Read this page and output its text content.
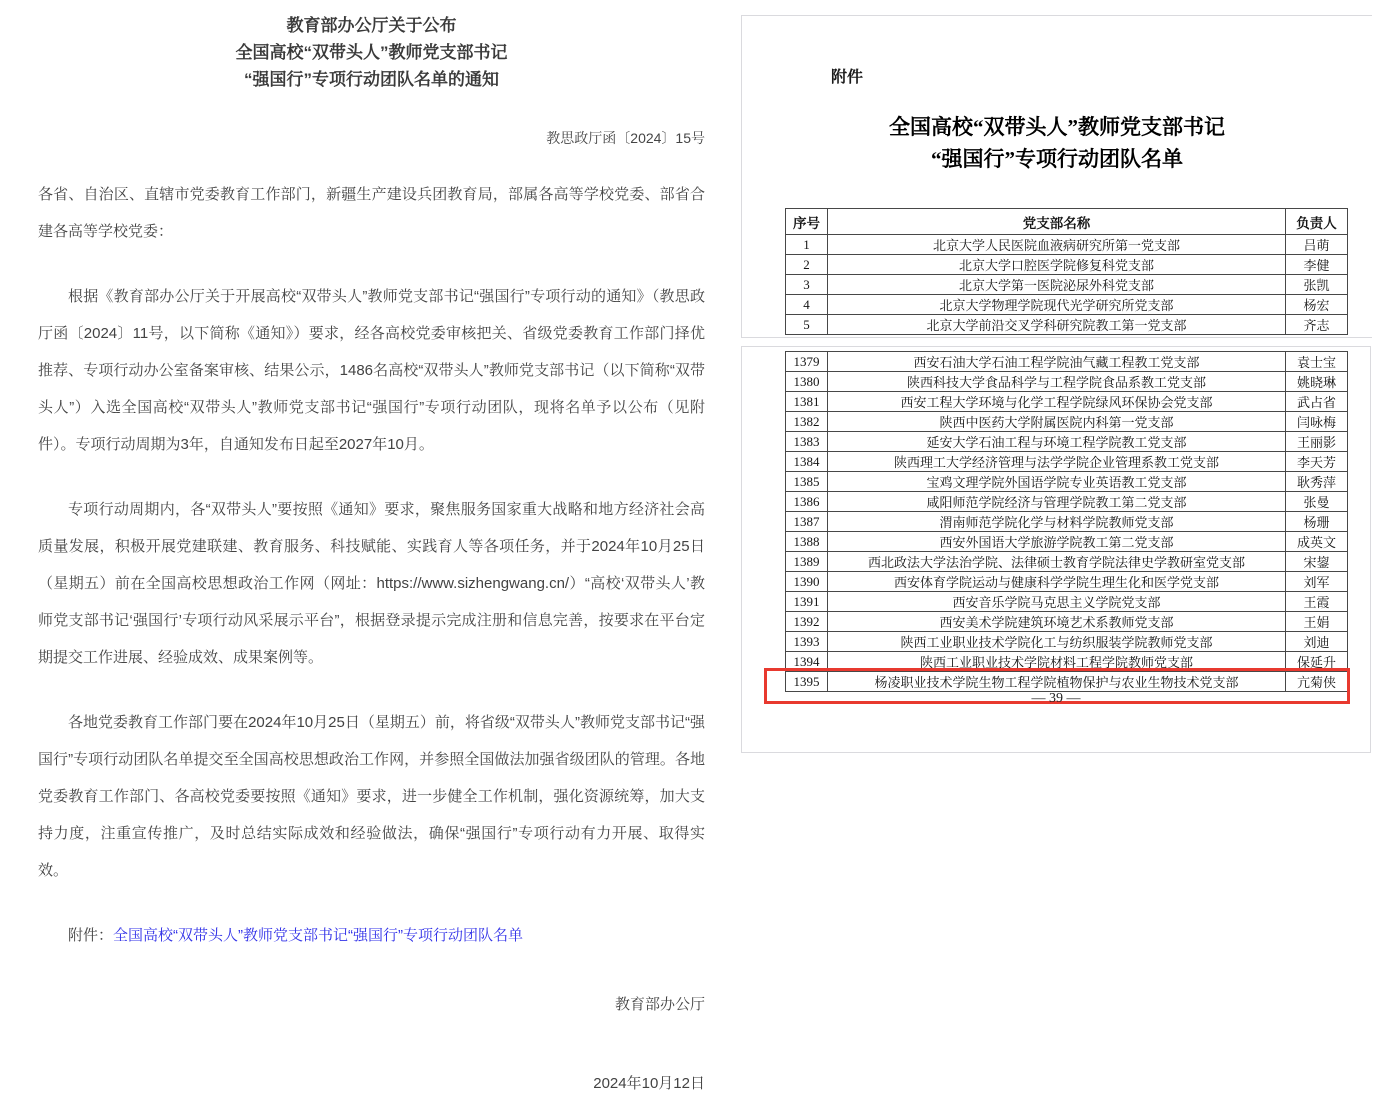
教育部办公厅关于公布
全国高校“双带头人”教师党支部书记
“强国行”专项行动团队名单的通知
教思政厅函〔2024〕15号
各省、自治区、直辖市党委教育工作部门，新疆生产建设兵团教育局，部属各高等学校党委、部省合建各高等学校党委：
根据《教育部办公厅关于开展高校“双带头人”教师党支部书记“强国行”专项行动的通知》（教思政厅函〔2024〕11号，以下简称《通知》）要求，经各高校党委审核把关、省级党委教育工作部门择优推荐、专项行动办公室备案审核、结果公示，1486名高校“双带头人”教师党支部书记（以下简称“双带头人”）入选全国高校“双带头人”教师党支部书记“强国行”专项行动团队，现将名单予以公布（见附件）。专项行动周期为3年，自通知发布日起至2027年10月。
专项行动周期内，各“双带头人”要按照《通知》要求，聚焦服务国家重大战略和地方经济社会高质量发展，积极开展党建联建、教育服务、科技赋能、实践育人等各项任务，并于2024年10月25日（星期五）前在全国高校思想政治工作网（网址：https://www.sizhengwang.cn/）“高校‘双带头人’教师党支部书记‘强国行’专项行动风采展示平台”，根据登录提示完成注册和信息完善，按要求在平台定期提交工作进展、经验成效、成果案例等。
各地党委教育工作部门要在2024年10月25日（星期五）前，将省级“双带头人”教师党支部书记“强国行”专项行动团队名单提交至全国高校思想政治工作网，并参照全国做法加强省级团队的管理。各地党委教育工作部门、各高校党委要按照《通知》要求，进一步健全工作机制，强化资源统筹，加大支持力度，注重宣传推广，及时总结实际成效和经验做法，确保“强国行”专项行动有力开展、取得实效。
附件：全国高校“双带头人”教师党支部书记“强国行”专项行动团队名单
教育部办公厅
2024年10月12日
附件
全国高校“双带头人”教师党支部书记
“强国行”专项行动团队名单
序号	党支部名称	负责人
1	北京大学人民医院血液病研究所第一党支部	吕萌
2	北京大学口腔医学院修复科党支部	李健
3	北京大学第一医院泌尿外科党支部	张凯
4	北京大学物理学院现代光学研究所党支部	杨宏
5	北京大学前沿交叉学科研究院教工第一党支部	齐志
1379	西安石油大学石油工程学院油气藏工程教工党支部	袁士宝
1380	陕西科技大学食品科学与工程学院食品系教工党支部	姚晓琳
1381	西安工程大学环境与化学工程学院绿风环保协会党支部	武占省
1382	陕西中医药大学附属医院内科第一党支部	闫咏梅
1383	延安大学石油工程与环境工程学院教工党支部	王丽影
1384	陕西理工大学经济管理与法学学院企业管理系教工党支部	李天芳
1385	宝鸡文理学院外国语学院专业英语教工党支部	耿秀萍
1386	咸阳师范学院经济与管理学院教工第二党支部	张曼
1387	渭南师范学院化学与材料学院教师党支部	杨珊
1388	西安外国语大学旅游学院教工第二党支部	成英文
1389	西北政法大学法治学院、法律硕士教育学院法律史学教研室党支部	宋鋆
1390	西安体育学院运动与健康科学学院生理生化和医学党支部	刘军
1391	西安音乐学院马克思主义学院党支部	王霞
1392	西安美术学院建筑环境艺术系教师党支部	王娟
1393	陕西工业职业技术学院化工与纺织服装学院教师党支部	刘迪
1394	陕西工业职业技术学院材料工程学院教师党支部	保延升
1395	杨凌职业技术学院生物工程学院植物保护与农业生物技术党支部	亢菊侠
— 39 —
